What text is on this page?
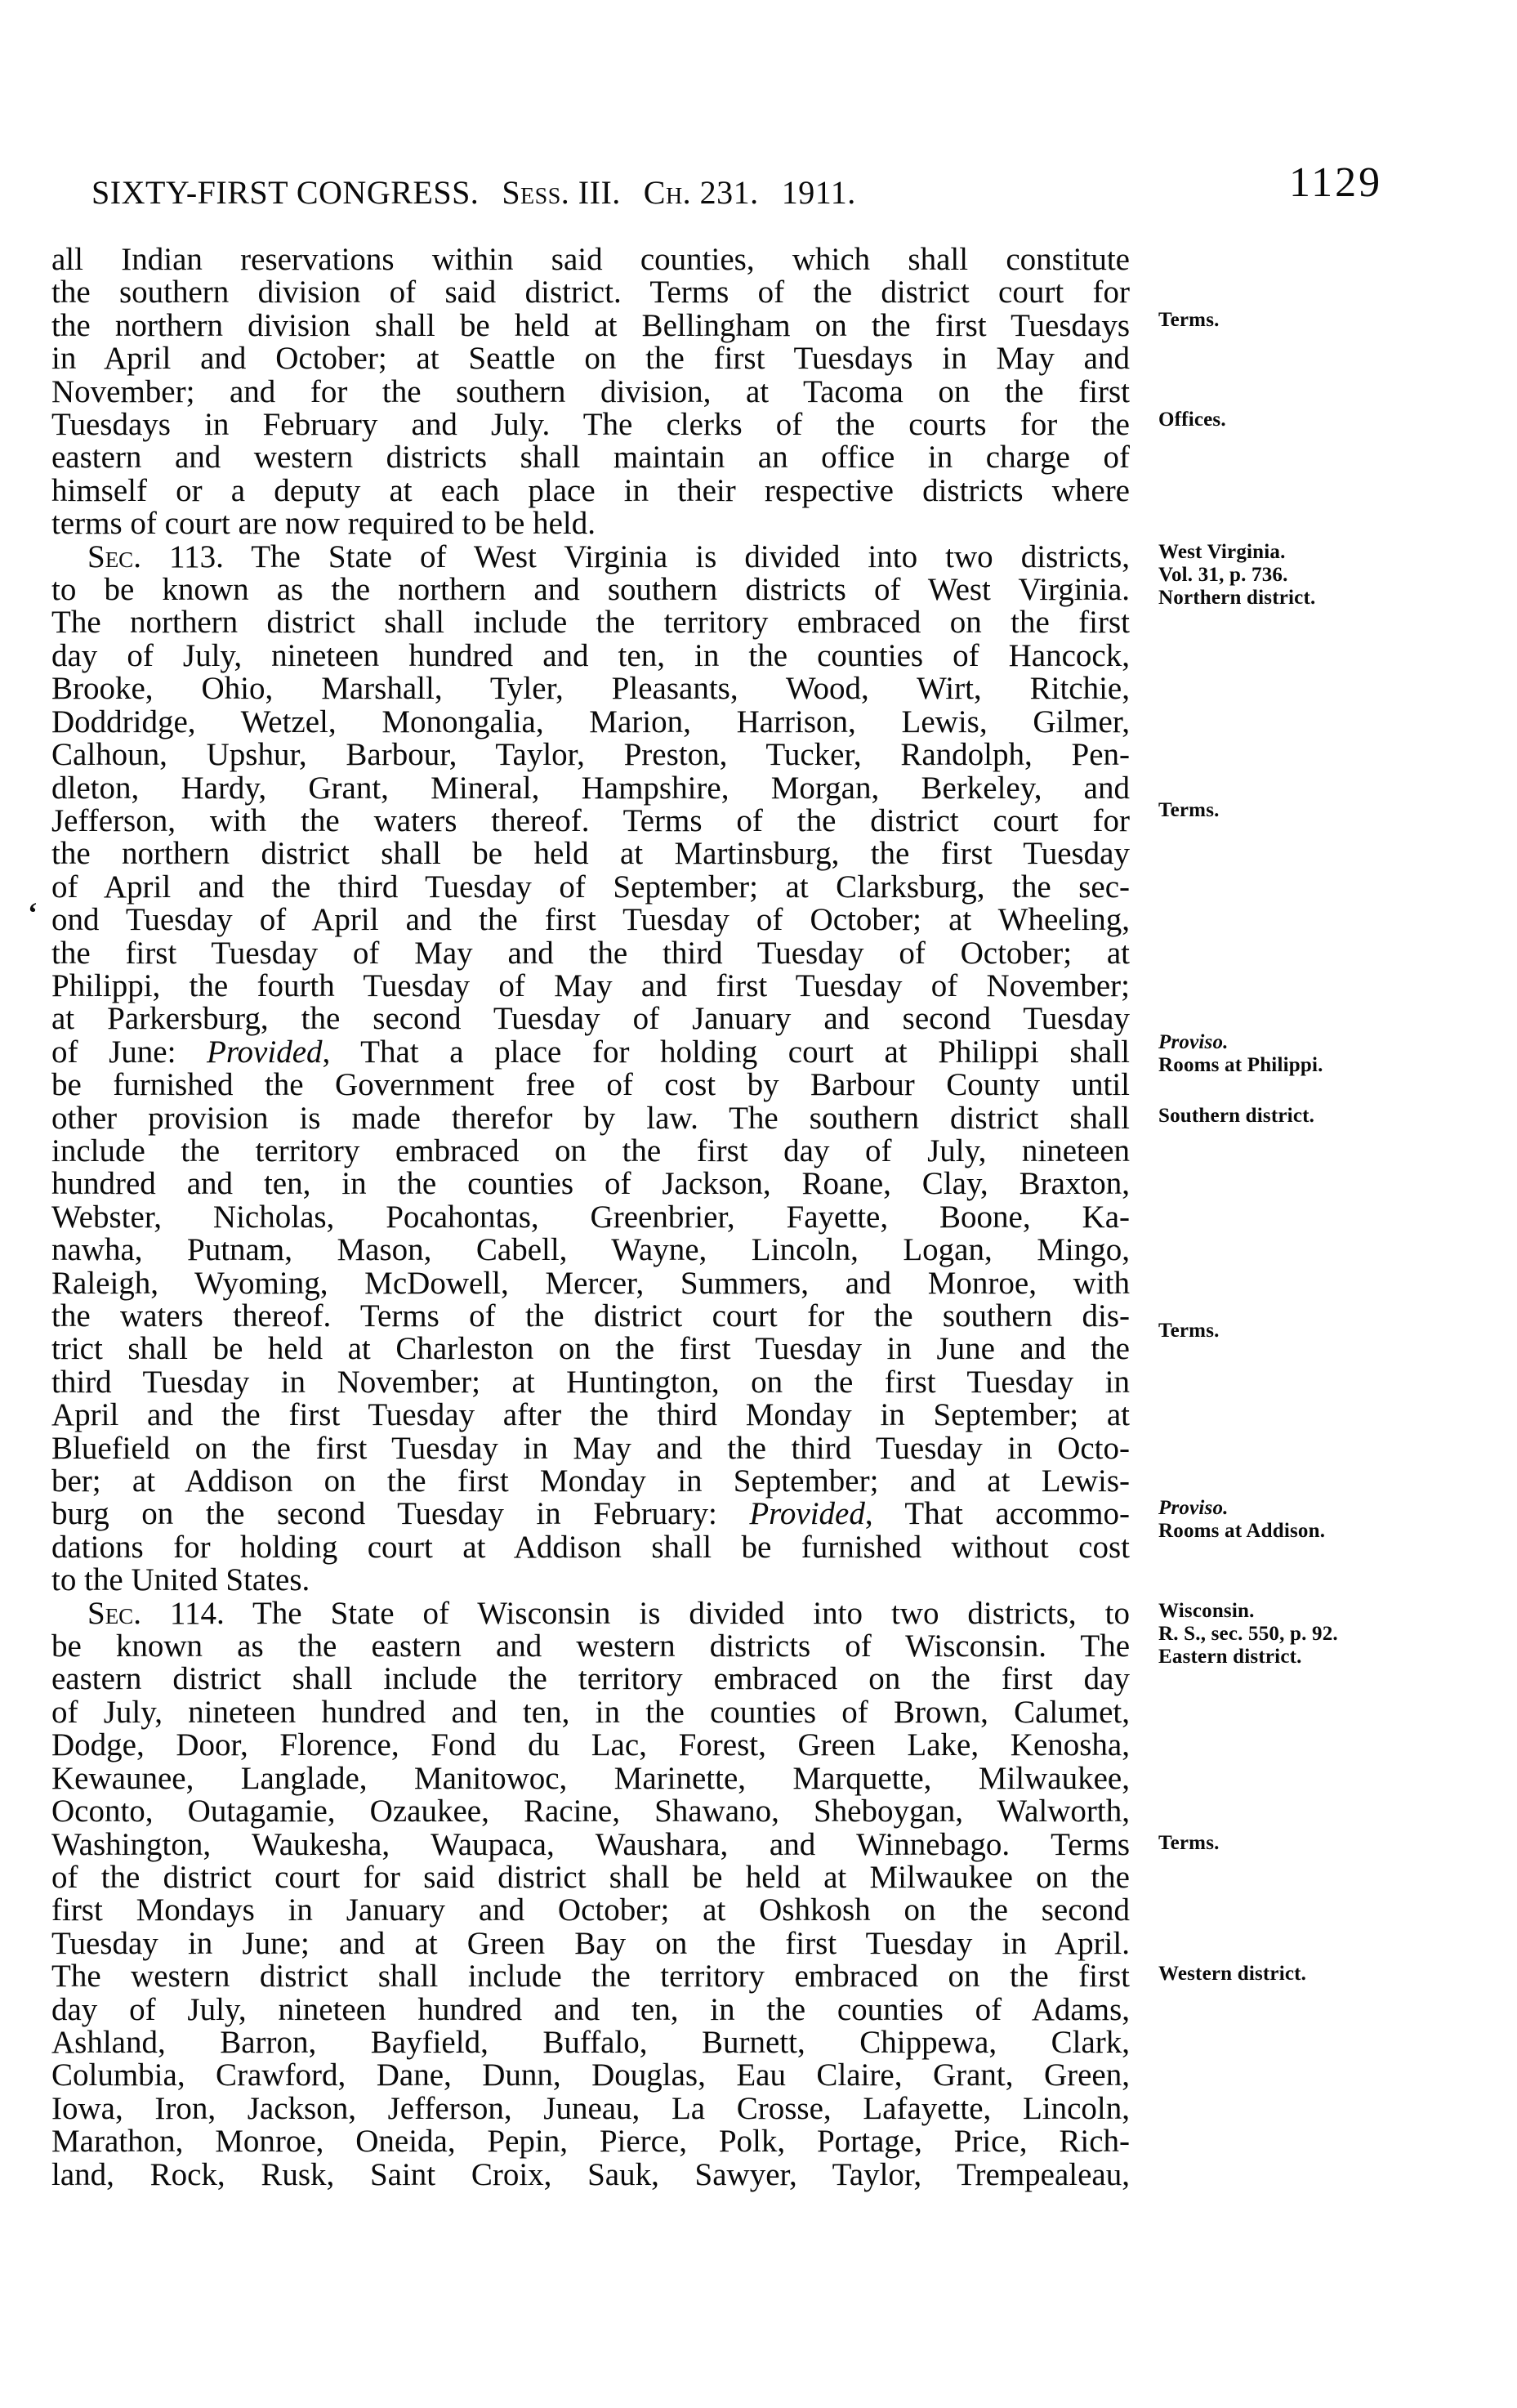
SIXTY-FIRST CONGRESS. Sess. III. Ch. 231. 1911.	1129
all Indian reservations within said counties, which shall constitute
the southern division of said district. Terms of the district court for
the northern division shall be held at Bellingham on the first Tuesdays
in April and October; at Seattle on the first Tuesdays in May and
November; and for the southern division, at Tacoma on the first
Tuesdays in February and July. The clerks of the courts for the
eastern and western districts shall maintain an office in charge of
himself or a deputy at each place in their respective districts where
terms of court are now required to be held.
Sec. 113. The State of West Virginia is divided into two districts,
to be known as the northern and southern districts of West Virginia.
The northern district shall include the territory embraced on the first
day of July, nineteen hundred and ten, in the counties of Hancock,
Brooke, Ohio, Marshall, Tyler, Pleasants, Wood, Wirt, Ritchie,
Doddridge, Wetzel, Monongalia, Marion, Harrison, Lewis, Gilmer,
Calhoun, Upshur, Barbour, Taylor, Preston, Tucker, Randolph, Pen-
dleton, Hardy, Grant, Mineral, Hampshire, Morgan, Berkeley, and
Jefferson, with the waters thereof. Terms of the district court for
the northern district shall be held at Martinsburg, the first Tuesday
of April and the third Tuesday of September; at Clarksburg, the sec-
ond Tuesday of April and the first Tuesday of October; at Wheeling,
the first Tuesday of May and the third Tuesday of October; at
Philippi, the fourth Tuesday of May and first Tuesday of November;
at Parkersburg, the second Tuesday of January and second Tuesday
of June: Provided, That a place for holding court at Philippi shall
be furnished the Government free of cost by Barbour County until
other provision is made therefor by law. The southern district shall
include the territory embraced on the first day of July, nineteen
hundred and ten, in the counties of Jackson, Roane, Clay, Braxton,
Webster, Nicholas, Pocahontas, Greenbrier, Fayette, Boone, Ka-
nawha, Putnam, Mason, Cabell, Wayne, Lincoln, Logan, Mingo,
Raleigh, Wyoming, McDowell, Mercer, Summers, and Monroe, with
the waters thereof. Terms of the district court for the southern dis-
trict shall be held at Charleston on the first Tuesday in June and the
third Tuesday in November; at Huntington, on the first Tuesday in
April and the first Tuesday after the third Monday in September; at
Bluefield on the first Tuesday in May and the third Tuesday in Octo-
ber; at Addison on the first Monday in September; and at Lewis-
burg on the second Tuesday in February: Provided, That accommo-
dations for holding court at Addison shall be furnished without cost
to the United States.
Sec. 114. The State of Wisconsin is divided into two districts, to
be known as the eastern and western districts of Wisconsin. The
eastern district shall include the territory embraced on the first day
of July, nineteen hundred and ten, in the counties of Brown, Calumet,
Dodge, Door, Florence, Fond du Lac, Forest, Green Lake, Kenosha,
Kewaunee, Langlade, Manitowoc, Marinette, Marquette, Milwaukee,
Oconto, Outagamie, Ozaukee, Racine, Shawano, Sheboygan, Walworth,
Washington, Waukesha, Waupaca, Waushara, and Winnebago. Terms
of the district court for said district shall be held at Milwaukee on the
first Mondays in January and October; at Oshkosh on the second
Tuesday in June; and at Green Bay on the first Tuesday in April.
The western district shall include the territory embraced on the first
day of July, nineteen hundred and ten, in the counties of Adams,
Ashland, Barron, Bayfield, Buffalo, Burnett, Chippewa, Clark,
Columbia, Crawford, Dane, Dunn, Douglas, Eau Claire, Grant, Green,
Iowa, Iron, Jackson, Jefferson, Juneau, La Crosse, Lafayette, Lincoln,
Marathon, Monroe, Oneida, Pepin, Pierce, Polk, Portage, Price, Rich-
land, Rock, Rusk, Saint Croix, Sauk, Sawyer, Taylor, Trempealeau,
Terms.
Offices.
West Virginia.
Vol. 31, p. 736.
Northern district.
Terms.
Proviso.
Rooms at Philippi.
Southern district.
Terms.
Proviso.
Rooms at Addison.
Wisconsin.
R. S., sec. 550, p. 92.
Eastern district.
Terms.
Western district.
‘
